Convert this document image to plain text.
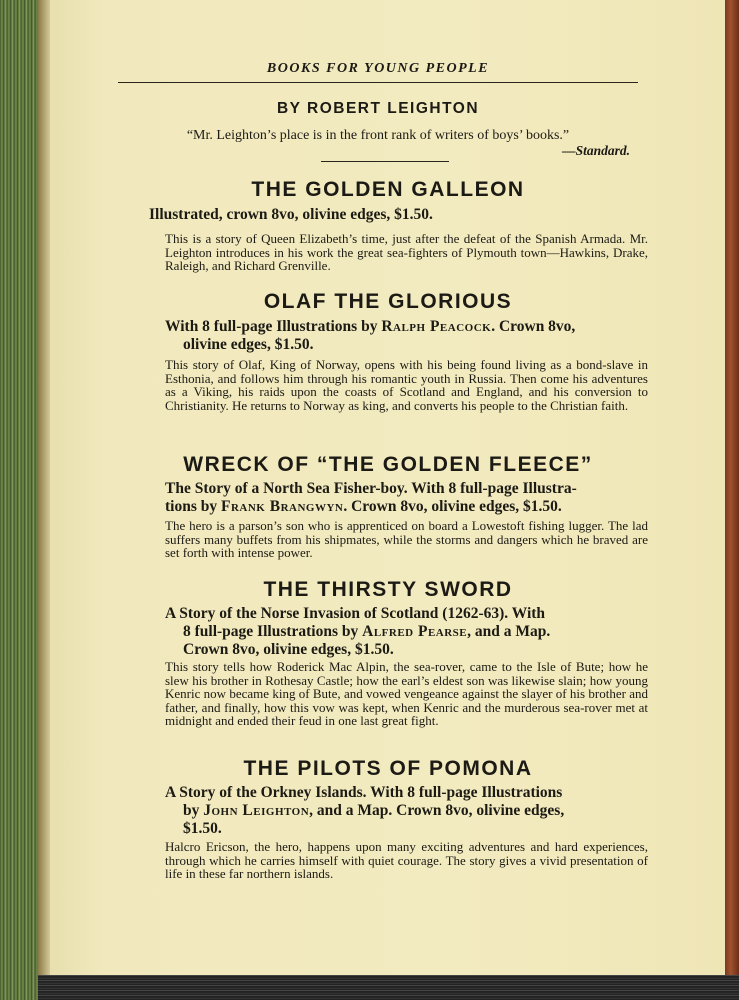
BOOKS FOR YOUNG PEOPLE
BY ROBERT LEIGHTON
“Mr. Leighton’s place is in the front rank of writers of boys’ books.”
—Standard.
THE GOLDEN GALLEON
Illustrated, crown 8vo, olivine edges, $1.50.
This is a story of Queen Elizabeth’s time, just after the defeat of the Spanish Armada. Mr. Leighton introduces in his work the great sea-fighters of Plymouth town—Hawkins, Drake, Raleigh, and Richard Grenville.
OLAF THE GLORIOUS
With 8 full-page Illustrations by Ralph Peacock. Crown 8vo,
olivine edges, $1.50.
This story of Olaf, King of Norway, opens with his being found living as a bond-slave in Esthonia, and follows him through his romantic youth in Russia. Then come his adventures as a Viking, his raids upon the coasts of Scotland and England, and his conversion to Christianity. He returns to Norway as king, and converts his people to the Christian faith.
WRECK OF “THE GOLDEN FLEECE”
The Story of a North Sea Fisher-boy. With 8 full-page Illustra-
tions by Frank Brangwyn. Crown 8vo, olivine edges, $1.50.
The hero is a parson’s son who is apprenticed on board a Lowestoft fishing lugger. The lad suffers many buffets from his shipmates, while the storms and dangers which he braved are set forth with intense power.
THE THIRSTY SWORD
A Story of the Norse Invasion of Scotland (1262-63). With
8 full-page Illustrations by Alfred Pearse, and a Map.
Crown 8vo, olivine edges, $1.50.
This story tells how Roderick Mac Alpin, the sea-rover, came to the Isle of Bute; how he slew his brother in Rothesay Castle; how the earl’s eldest son was likewise slain; how young Kenric now became king of Bute, and vowed vengeance against the slayer of his brother and father, and finally, how this vow was kept, when Kenric and the murderous sea-rover met at midnight and ended their feud in one last great fight.
THE PILOTS OF POMONA
A Story of the Orkney Islands. With 8 full-page Illustrations
by John Leighton, and a Map. Crown 8vo, olivine edges,
$1.50.
Halcro Ericson, the hero, happens upon many exciting adventures and hard experiences, through which he carries himself with quiet courage. The story gives a vivid presentation of life in these far northern islands.
